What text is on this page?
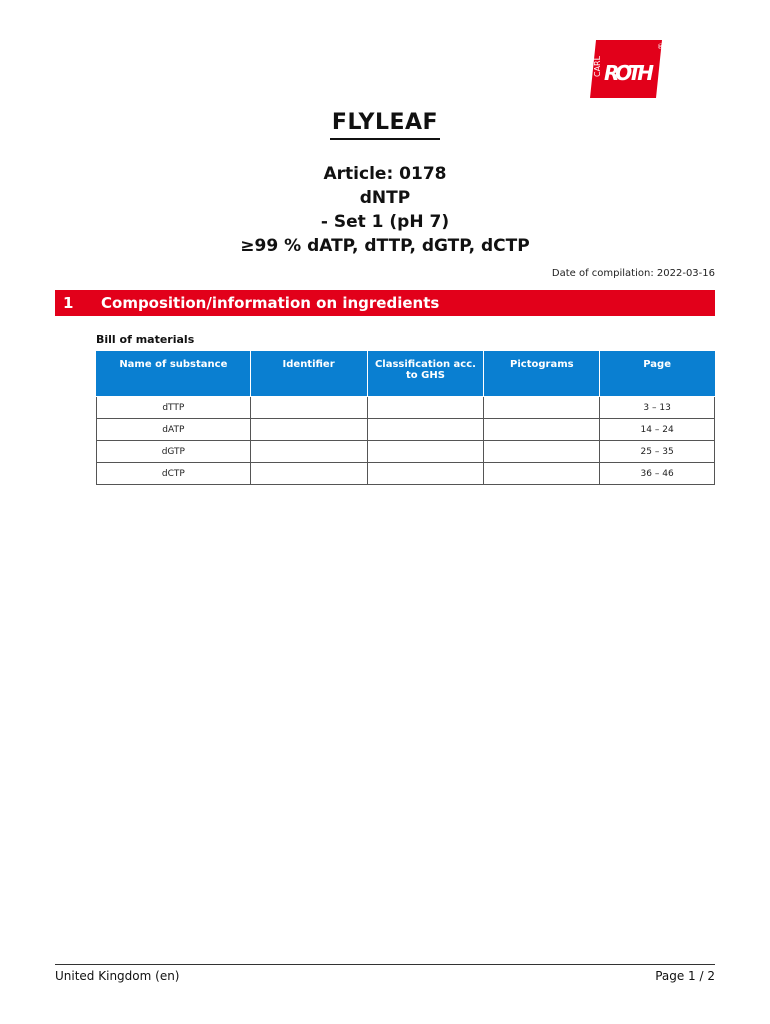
®
CARL ROTH
FLYLEAF
Article: 0178
dNTP
- Set 1 (pH 7)
≥99 % dATP, dTTP, dGTP, dCTP
Date of compilation: 2022-03-16
1 Composition/information on ingredients
Bill of materials
Name of substance	Identifier	Classification acc. to GHS	Pictograms	Page
dTTP				3 – 13
dATP				14 – 24
dGTP				25 – 35
dCTP				36 – 46
United Kingdom (en)	Page 1 / 2
